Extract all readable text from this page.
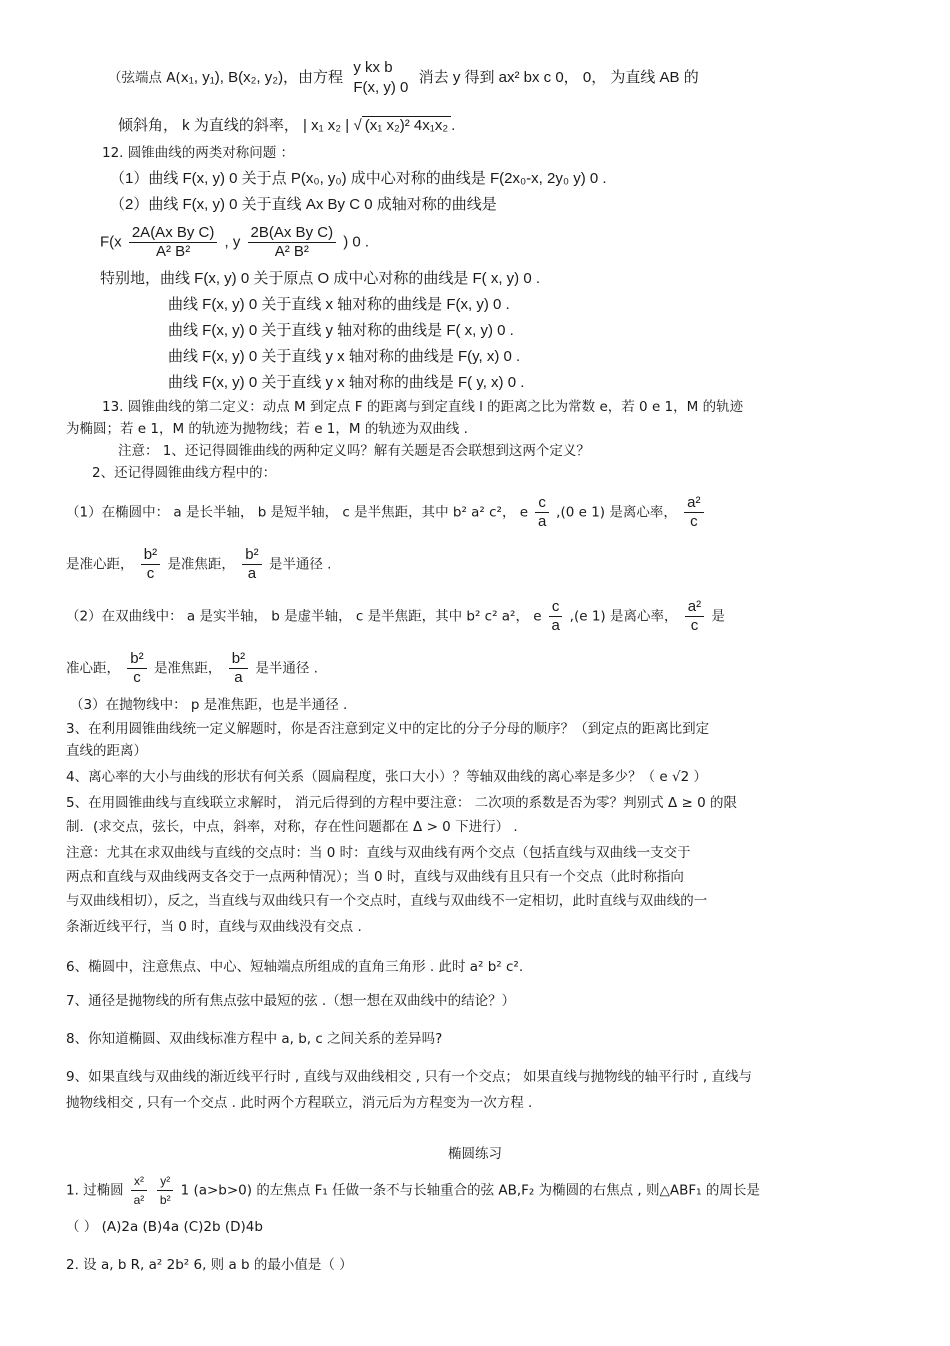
（弦端点 A(x₁, y₁), B(x₂, y₂)，由方程
y kx b
F(x, y) 0
消去 y 得到 ax² bx c 0， 0， 为直线 AB 的
倾斜角， k 为直线的斜率， | x₁ x₂ | √ (x₁ x₂)² 4x₁x₂ .
12. 圆锥曲线的两类对称问题 ：
（1）曲线 F(x, y) 0 关于点 P(x₀, y₀) 成中心对称的曲线是 F(2x₀-x, 2y₀ y) 0 .
（2）曲线 F(x, y) 0 关于直线 Ax By C 0 成轴对称的曲线是
$F(x \frac{\text{2A(Ax By C)}}{\text{A² B²}}$ , y $\frac{\text{2B(Ax By C)}}{\text{A² B²}}$ ) 0 .
特别地，曲线 F(x, y) 0 关于原点 O 成中心对称的曲线是 F( x, y) 0 .
曲线 F(x, y) 0 关于直线 x 轴对称的曲线是 F(x, y) 0 .
曲线 F(x, y) 0 关于直线 y 轴对称的曲线是 F( x, y) 0 .
曲线 F(x, y) 0 关于直线 y x 轴对称的曲线是 F(y, x) 0 .
曲线 F(x, y) 0 关于直线 y x 轴对称的曲线是 F( y, x) 0 .
13. 圆锥曲线的第二定义：动点 M 到定点 F 的距离与到定直线 l 的距离之比为常数 e，若 0 e 1，M 的轨迹
为椭圆；若 e 1，M 的轨迹为抛物线；若 e 1，M 的轨迹为双曲线 .
注意： 1、还记得圆锥曲线的两种定义吗？解有关题是否会联想到这两个定义？
2、还记得圆锥曲线方程中的：
（1）在椭圆中： a 是长半轴， b 是短半轴， c 是半焦距，其中 b² a² c²， e $\frac{c}{a} ,(0$ e 1) 是离心率， $\frac{\text{a²}}{c}$
是准心距， $\frac{\text{b²}}{c}$ 是准焦距， $\frac{\text{b²}}{a}$ 是半通径 .
（2）在双曲线中： a 是实半轴， b 是虚半轴， c 是半焦距，其中 b² c² a²， e $\frac{c}{a} ,(e$ 1) 是离心率， $\frac{\text{a²}}{c}$ 是
准心距， $\frac{\text{b²}}{c}$ 是准焦距， $\frac{\text{b²}}{a}$ 是半通径 .
（3）在抛物线中： p 是准焦距，也是半通径 .
3、在利用圆锥曲线统一定义解题时，你是否注意到定义中的定比的分子分母的顺序？（到定点的距离比到定
直线的距离）
4、离心率的大小与曲线的形状有何关系（圆扁程度，张口大小）？等轴双曲线的离心率是多少？（ e √2 ）
5、在用圆锥曲线与直线联立求解时， 消元后得到的方程中要注意： 二次项的系数是否为零？判别式 Δ ≥ 0 的限
制．(求交点，弦长，中点，斜率，对称，存在性问题都在 Δ > 0 下进行） .
注意：尤其在求双曲线与直线的交点时：当 0 时：直线与双曲线有两个交点（包括直线与双曲线一支交于
两点和直线与双曲线两支各交于一点两种情况）；当 0 时，直线与双曲线有且只有一个交点（此时称指向
与双曲线相切），反之，当直线与双曲线只有一个交点时，直线与双曲线不一定相切，此时直线与双曲线的一
条渐近线平行，当 0 时，直线与双曲线没有交点 .
6、椭圆中，注意焦点、中心、短轴端点所组成的直角三角形 . 此时 a² b² c².
7、通径是抛物线的所有焦点弦中最短的弦 .（想一想在双曲线中的结论？）
8、你知道椭圆、双曲线标准方程中 a, b, c 之间关系的差异吗?
9、如果直线与双曲线的渐近线平行时 , 直线与双曲线相交 , 只有一个交点； 如果直线与抛物线的轴平行时 , 直线与
抛物线相交 , 只有一个交点 . 此时两个方程联立，消元后为方程变为一次方程 .
椭圆练习
1. 过椭圆 $\frac{\text{x²}}{\text{a²}}$
$\frac{\text{y²}}{\text{b²}} 1$ (a>b>0) 的左焦点 F₁ 任做一条不与长轴重合的弦 AB,F₂ 为椭圆的右焦点 , 则△ABF₁ 的周长是
（ ） (A)2a (B)4a (C)2b (D)4b
2. 设 a, b R, a² 2b² 6, 则 a b 的最小值是（ ）
